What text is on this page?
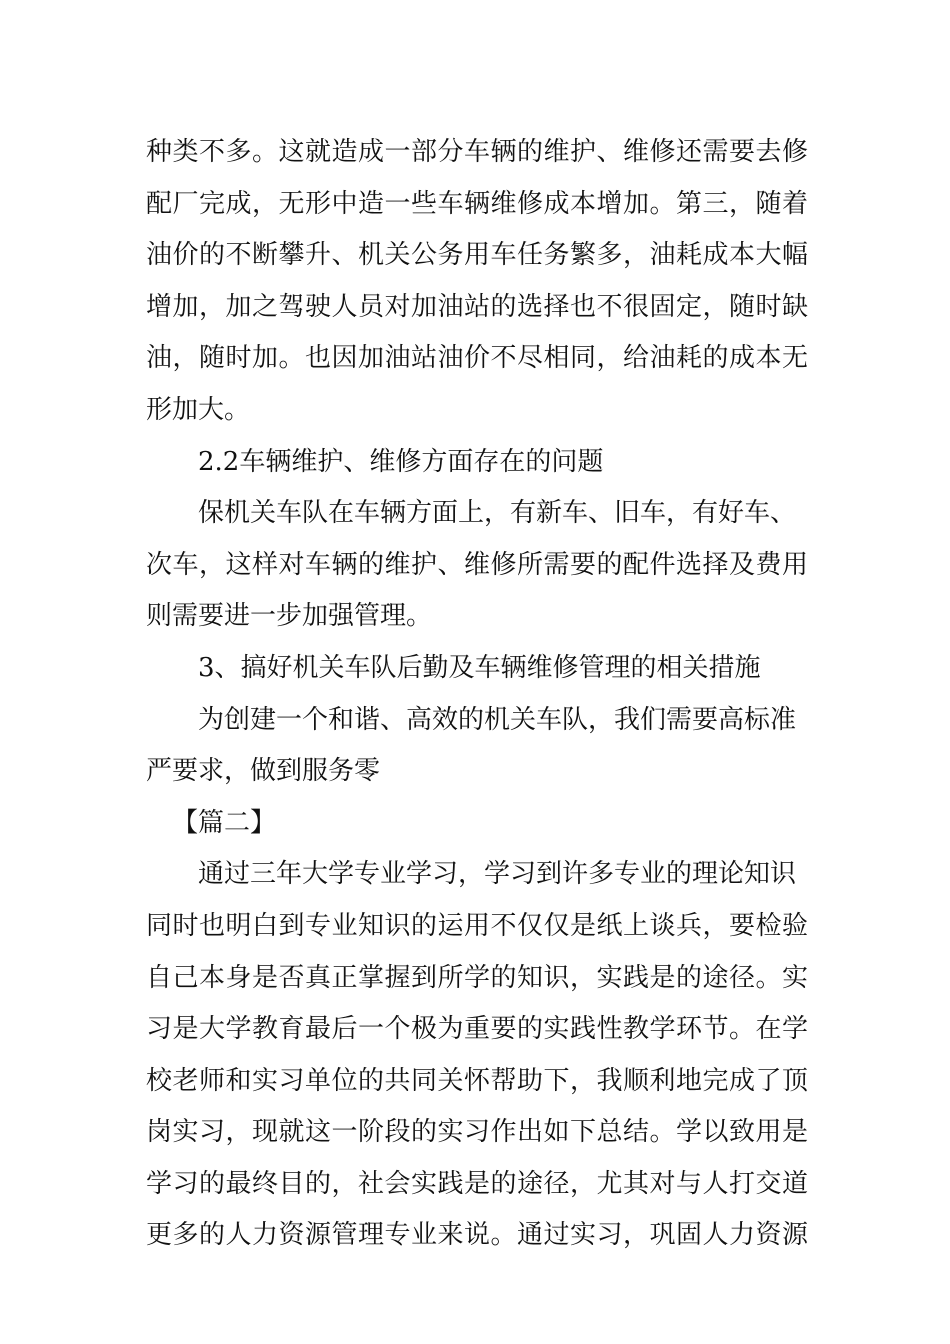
种类不多。这就造成一部分车辆的维护、维修还需要去修
配厂完成，无形中造一些车辆维修成本增加。第三，随着
油价的不断攀升、机关公务用车任务繁多，油耗成本大幅
增加，加之驾驶人员对加油站的选择也不很固定，随时缺
油，随时加。也因加油站油价不尽相同，给油耗的成本无
形加大。
2.2车辆维护、维修方面存在的问题
保机关车队在车辆方面上，有新车、旧车，有好车、
次车，这样对车辆的维护、维修所需要的配件选择及费用
则需要进一步加强管理。
3、搞好机关车队后勤及车辆维修管理的相关措施
为创建一个和谐、高效的机关车队，我们需要高标准
严要求，做到服务零
【篇二】
通过三年大学专业学习，学习到许多专业的理论知识
同时也明白到专业知识的运用不仅仅是纸上谈兵，要检验
自己本身是否真正掌握到所学的知识，实践是的途径。实
习是大学教育最后一个极为重要的实践性教学环节。在学
校老师和实习单位的共同关怀帮助下，我顺利地完成了顶
岗实习，现就这一阶段的实习作出如下总结。学以致用是
学习的最终目的，社会实践是的途径，尤其对与人打交道
更多的人力资源管理专业来说。通过实习，巩固人力资源
